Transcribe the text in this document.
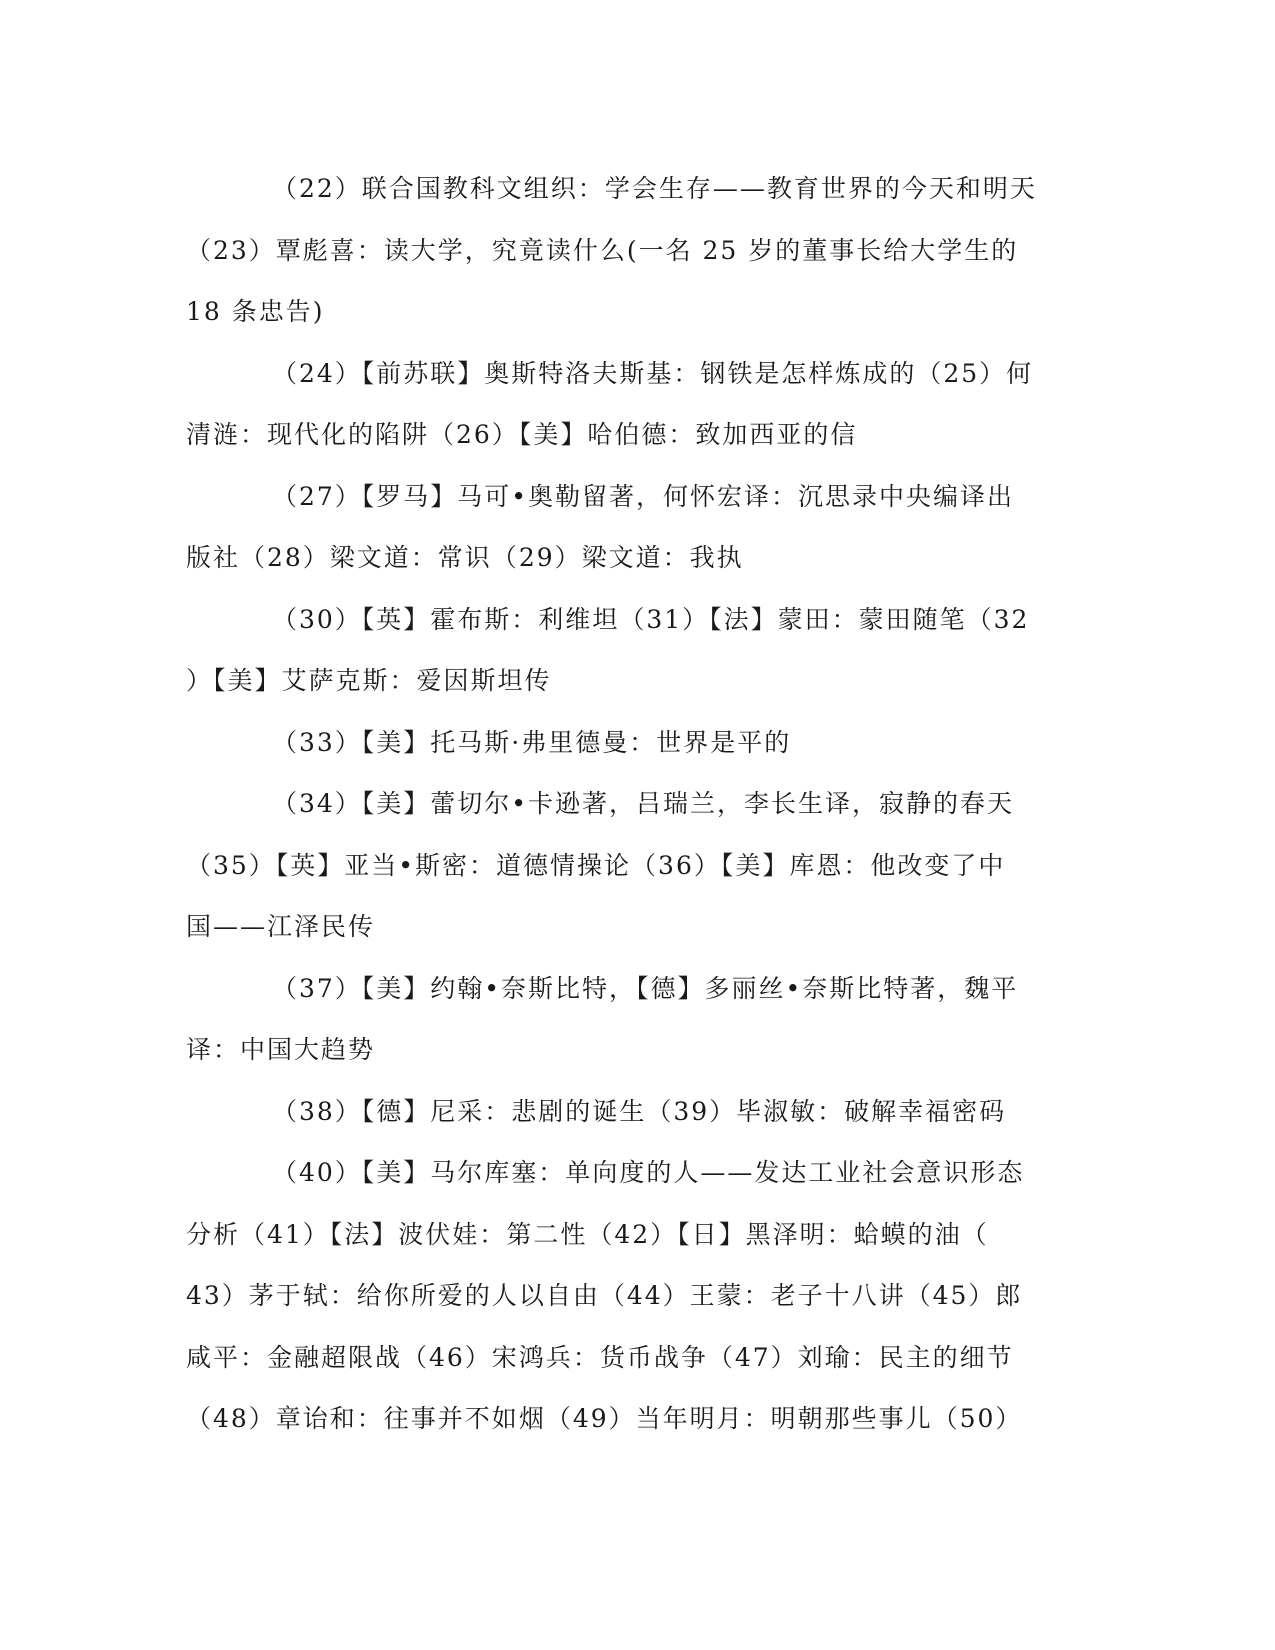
（22）联合国教科文组织：学会生存——教育世界的今天和明天

（23）覃彪喜：读大学，究竟读什么(一名 25 岁的董事长给大学生的
18 条忠告)

（24）【前苏联】奥斯特洛夫斯基：钢铁是怎样炼成的（25）何
清涟：现代化的陷阱（26）【美】哈伯德：致加西亚的信

（27）【罗马】马可•奥勒留著，何怀宏译：沉思录中央编译出
版社（28）梁文道：常识（29）梁文道：我执

（30）【英】霍布斯：利维坦（31）【法】蒙田：蒙田随笔（32
）【美】艾萨克斯：爱因斯坦传

（33）【美】托马斯·弗里德曼：世界是平的

（34）【美】蕾切尔•卡逊著，吕瑞兰，李长生译，寂静的春天
（35）【英】亚当•斯密：道德情操论（36）【美】库恩：他改变了中
国——江泽民传

（37）【美】约翰•奈斯比特，【德】多丽丝•奈斯比特著，魏平
译：中国大趋势

（38）【德】尼采：悲剧的诞生（39）毕淑敏：破解幸福密码

（40）【美】马尔库塞：单向度的人——发达工业社会意识形态
分析（41）【法】波伏娃：第二性（42）【日】黑泽明：蛤蟆的油（
43）茅于轼：给你所爱的人以自由（44）王蒙：老子十八讲（45）郎
咸平：金融超限战（46）宋鸿兵：货币战争（47）刘瑜：民主的细节
（48）章诒和：往事并不如烟（49）当年明月：明朝那些事儿（50）
